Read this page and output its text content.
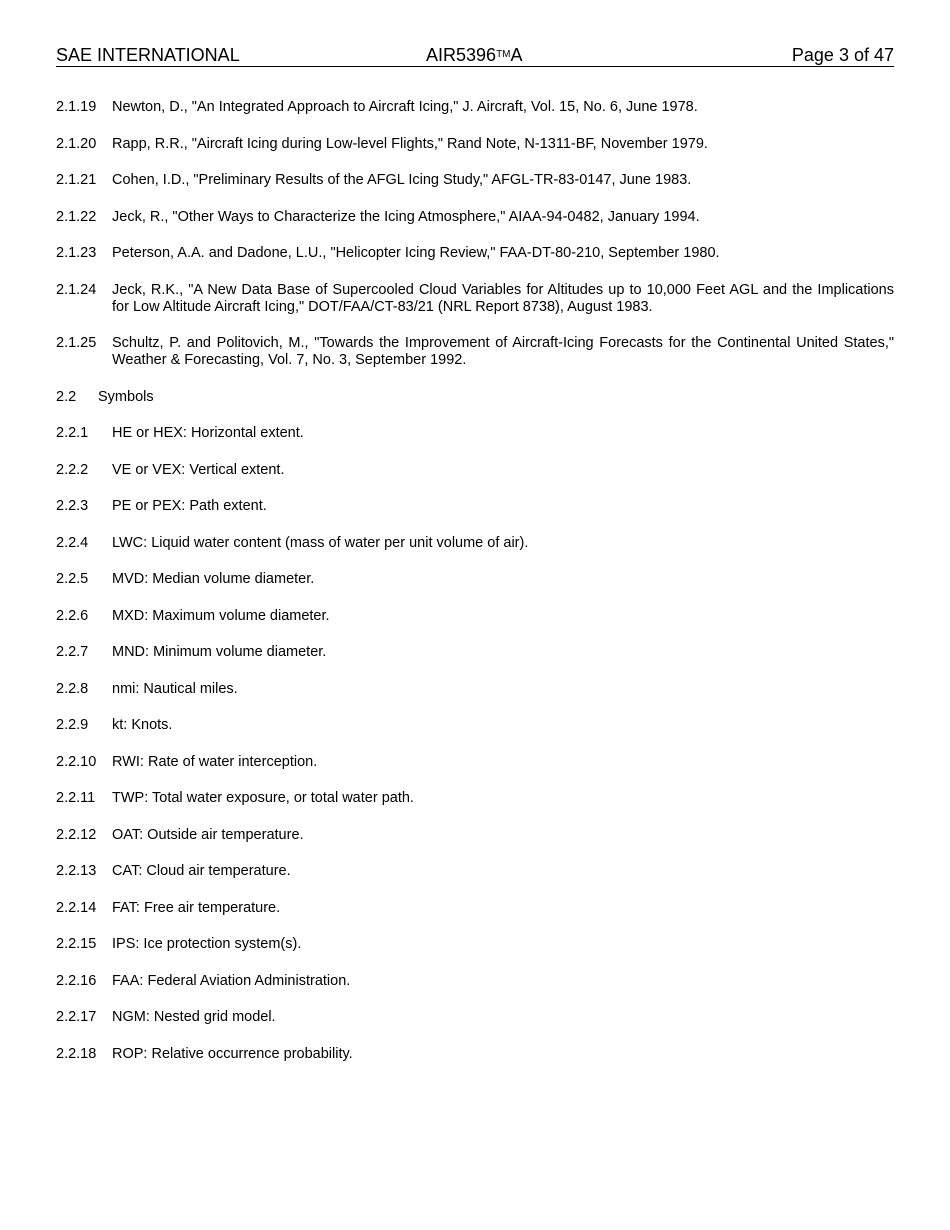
SAE INTERNATIONAL	AIR5396™A	Page 3 of 47
2.1.19 Newton, D., "An Integrated Approach to Aircraft Icing," J. Aircraft, Vol. 15, No. 6, June 1978.
2.1.20 Rapp, R.R., "Aircraft Icing during Low-level Flights," Rand Note, N-1311-BF, November 1979.
2.1.21 Cohen, I.D., "Preliminary Results of the AFGL Icing Study," AFGL-TR-83-0147, June 1983.
2.1.22 Jeck, R., "Other Ways to Characterize the Icing Atmosphere," AIAA-94-0482, January 1994.
2.1.23 Peterson, A.A. and Dadone, L.U., "Helicopter Icing Review," FAA-DT-80-210, September 1980.
2.1.24 Jeck, R.K., "A New Data Base of Supercooled Cloud Variables for Altitudes up to 10,000 Feet AGL and the Implications for Low Altitude Aircraft Icing," DOT/FAA/CT-83/21 (NRL Report 8738), August 1983.
2.1.25 Schultz, P. and Politovich, M., "Towards the Improvement of Aircraft-Icing Forecasts for the Continental United States," Weather & Forecasting, Vol. 7, No. 3, September 1992.
2.2 Symbols
2.2.1 HE or HEX: Horizontal extent.
2.2.2 VE or VEX: Vertical extent.
2.2.3 PE or PEX: Path extent.
2.2.4 LWC: Liquid water content (mass of water per unit volume of air).
2.2.5 MVD: Median volume diameter.
2.2.6 MXD: Maximum volume diameter.
2.2.7 MND: Minimum volume diameter.
2.2.8 nmi: Nautical miles.
2.2.9 kt: Knots.
2.2.10 RWI: Rate of water interception.
2.2.11 TWP: Total water exposure, or total water path.
2.2.12 OAT: Outside air temperature.
2.2.13 CAT: Cloud air temperature.
2.2.14 FAT: Free air temperature.
2.2.15 IPS: Ice protection system(s).
2.2.16 FAA: Federal Aviation Administration.
2.2.17 NGM: Nested grid model.
2.2.18 ROP: Relative occurrence probability.
